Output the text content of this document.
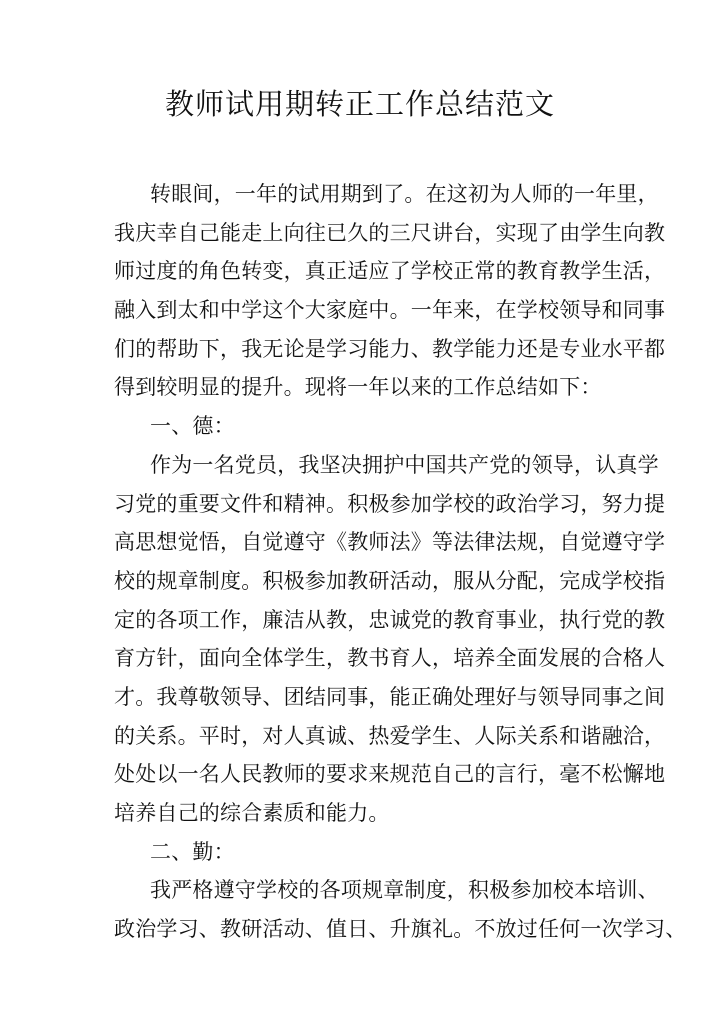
教师试用期转正工作总结范文
转眼间，一年的试用期到了。在这初为人师的一年里，
我庆幸自己能走上向往已久的三尺讲台，实现了由学生向教
师过度的角色转变，真正适应了学校正常的教育教学生活，
融入到太和中学这个大家庭中。一年来，在学校领导和同事
们的帮助下，我无论是学习能力、教学能力还是专业水平都
得到较明显的提升。现将一年以来的工作总结如下：
一、德：
作为一名党员，我坚决拥护中国共产党的领导，认真学
习党的重要文件和精神。积极参加学校的政治学习，努力提
高思想觉悟，自觉遵守《教师法》等法律法规，自觉遵守学
校的规章制度。积极参加教研活动，服从分配，完成学校指
定的各项工作，廉洁从教，忠诚党的教育事业，执行党的教
育方针，面向全体学生，教书育人，培养全面发展的合格人
才。我尊敬领导、团结同事，能正确处理好与领导同事之间
的关系。平时，对人真诚、热爱学生、人际关系和谐融洽，
处处以一名人民教师的要求来规范自己的言行，毫不松懈地
培养自己的综合素质和能力。
二、勤：
我严格遵守学校的各项规章制度，积极参加校本培训、
政治学习、教研活动、值日、升旗礼。不放过任何一次学习、
